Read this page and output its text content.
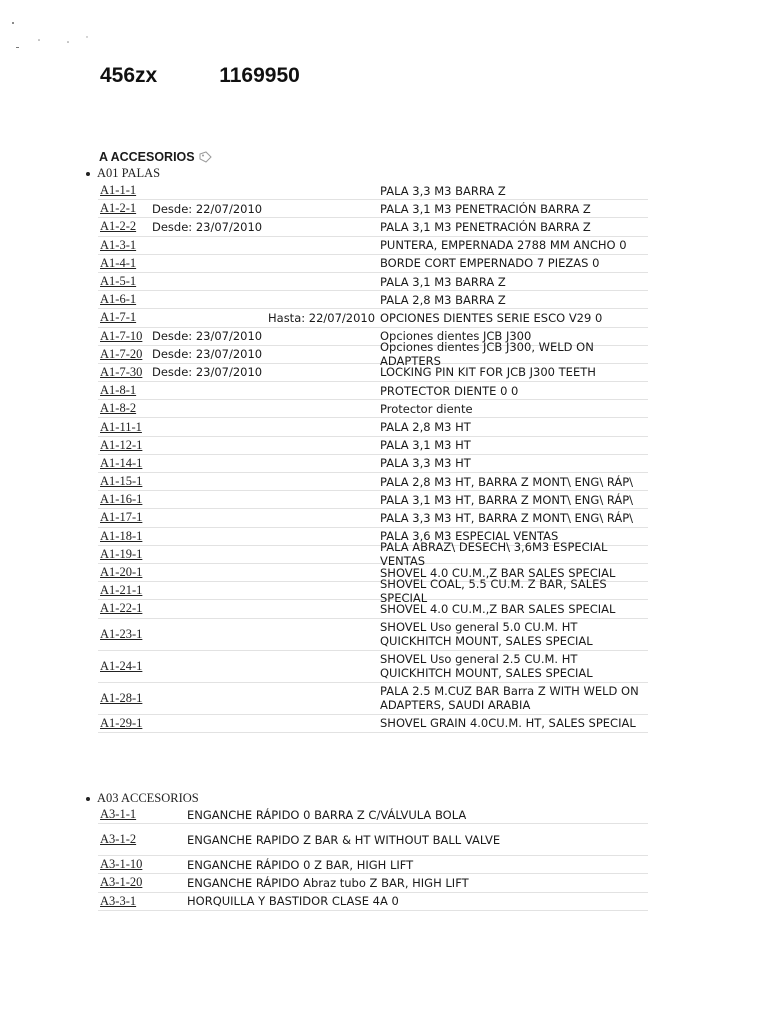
456zx	1169950
A ACCESORIOS
A01 PALAS
A1-1-1	PALA 3,3 M3 BARRA Z
A1-2-1 Desde: 22/07/2010	PALA 3,1 M3 PENETRACIÓN BARRA Z
A1-2-2 Desde: 23/07/2010	PALA 3,1 M3 PENETRACIÓN BARRA Z
A1-3-1	PUNTERA, EMPERNADA 2788 MM ANCHO 0
A1-4-1	BORDE CORT EMPERNADO 7 PIEZAS 0
A1-5-1	PALA 3,1 M3 BARRA Z
A1-6-1	PALA 2,8 M3 BARRA Z
A1-7-1	Hasta: 22/07/2010 OPCIONES DIENTES SERIE ESCO V29 0
A1-7-10 Desde: 23/07/2010	Opciones dientes JCB J300
A1-7-20 Desde: 23/07/2010	Opciones dientes JCB J300, WELD ON ADAPTERS
A1-7-30 Desde: 23/07/2010	LOCKING PIN KIT FOR JCB J300 TEETH
A1-8-1	PROTECTOR DIENTE 0 0
A1-8-2	Protector diente
A1-11-1	PALA 2,8 M3 HT
A1-12-1	PALA 3,1 M3 HT
A1-14-1	PALA 3,3 M3 HT
A1-15-1	PALA 2,8 M3 HT, BARRA Z MONT\ ENG\ RÁP\
A1-16-1	PALA 3,1 M3 HT, BARRA Z MONT\ ENG\ RÁP\
A1-17-1	PALA 3,3 M3 HT, BARRA Z MONT\ ENG\ RÁP\
A1-18-1	PALA 3,6 M3 ESPECIAL VENTAS
A1-19-1	PALA ABRAZ\ DESECH\ 3,6M3 ESPECIAL VENTAS
A1-20-1	SHOVEL 4.0 CU.M.,Z BAR SALES SPECIAL
A1-21-1	SHOVEL COAL, 5.5 CU.M. Z BAR, SALES SPECIAL
A1-22-1	SHOVEL 4.0 CU.M.,Z BAR SALES SPECIAL
A1-23-1	SHOVEL Uso general 5.0 CU.M. HT QUICKHITCH MOUNT, SALES SPECIAL
A1-24-1	SHOVEL Uso general 2.5 CU.M. HT QUICKHITCH MOUNT, SALES SPECIAL
A1-28-1	PALA 2.5 M.CUZ BAR Barra Z WITH WELD ON ADAPTERS, SAUDI ARABIA
A1-29-1	SHOVEL GRAIN 4.0CU.M. HT, SALES SPECIAL
A03 ACCESORIOS
A3-1-1	ENGANCHE RÁPIDO 0 BARRA Z C/VÁLVULA BOLA
A3-1-2	ENGANCHE RAPIDO Z BAR & HT WITHOUT BALL VALVE
A3-1-10	ENGANCHE RÁPIDO 0 Z BAR, HIGH LIFT
A3-1-20	ENGANCHE RÁPIDO Abraz tubo Z BAR, HIGH LIFT
A3-3-1	HORQUILLA Y BASTIDOR CLASE 4A 0
